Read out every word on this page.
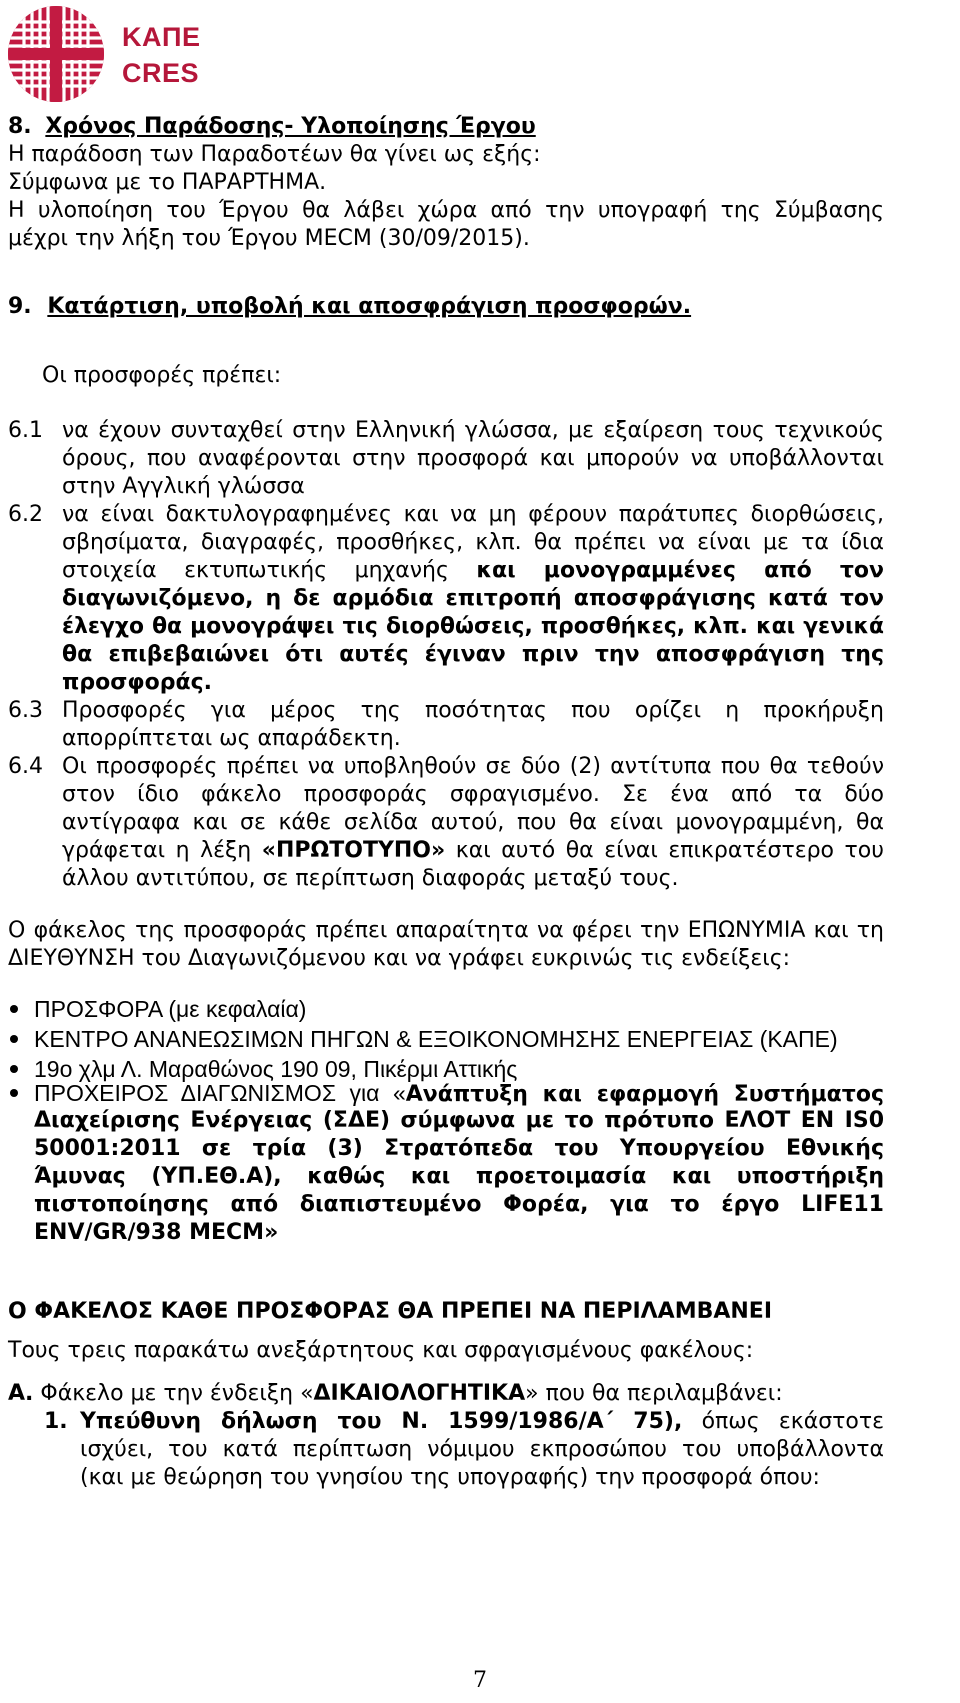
ΚΑΠΕ
CRES
8. Χρόνος Παράδοσης- Υλοποίησης Έργου
Η παράδοση των Παραδοτέων θα γίνει ως εξής:
Σύμφωνα με το ΠΑΡΑΡΤΗΜΑ.
Η υλοποίηση του Έργου θα λάβει χώρα από την υπογραφή της Σύμβασης
μέχρι την λήξη του Έργου MECM (30/09/2015).
9. Κατάρτιση, υποβολή και αποσφράγιση προσφορών.
Οι προσφορές πρέπει:
6.1 να έχουν συνταχθεί στην Ελληνική γλώσσα, με εξαίρεση τους τεχνικούς
όρους, που αναφέρονται στην προσφορά και μπορούν να υποβάλλονται
στην Αγγλική γλώσσα
6.2 να είναι δακτυλογραφημένες και να μη φέρουν παράτυπες διορθώσεις,
σβησίματα, διαγραφές, προσθήκες, κλπ. θα πρέπει να είναι με τα ίδια
στοιχεία εκτυπωτικής μηχανής και μονογραμμένες από τον
διαγωνιζόμενο, η δε αρμόδια επιτροπή αποσφράγισης κατά τον
έλεγχο θα μονογράψει τις διορθώσεις, προσθήκες, κλπ. και γενικά
θα επιβεβαιώνει ότι αυτές έγιναν πριν την αποσφράγιση της
προσφοράς.
6.3 Προσφορές για μέρος της ποσότητας που ορίζει η προκήρυξη
απορρίπτεται ως απαράδεκτη.
6.4 Οι προσφορές πρέπει να υποβληθούν σε δύο (2) αντίτυπα που θα τεθούν
στον ίδιο φάκελο προσφοράς σφραγισμένο. Σε ένα από τα δύο
αντίγραφα και σε κάθε σελίδα αυτού, που θα είναι μονογραμμένη, θα
γράφεται η λέξη «ΠΡΩΤΟΤΥΠΟ» και αυτό θα είναι επικρατέστερο του
άλλου αντιτύπου, σε περίπτωση διαφοράς μεταξύ τους.
Ο φάκελος της προσφοράς πρέπει απαραίτητα να φέρει την ΕΠΩΝΥΜΙΑ και τη
ΔΙΕΥΘΥΝΣΗ του Διαγωνιζόμενου και να γράφει ευκρινώς τις ενδείξεις:
ΠΡΟΣΦΟΡΑ (με κεφαλαία)
ΚΕΝΤΡΟ ΑΝΑΝΕΩΣΙΜΩΝ ΠΗΓΩΝ & ΕΞΟΙΚΟΝΟΜΗΣΗΣ ΕΝΕΡΓΕΙΑΣ (ΚΑΠΕ)
19ο χλμ Λ. Μαραθώνος 190 09, Πικέρμι Αττικής
ΠΡΟΧΕΙΡΟΣ ΔΙΑΓΩΝΙΣΜΟΣ για «Ανάπτυξη και εφαρμογή Συστήματος
Διαχείρισης Ενέργειας (ΣΔΕ) σύμφωνα με το πρότυπο ΕΛΟΤ EN IS0
50001:2011 σε τρία (3) Στρατόπεδα του Υπουργείου Εθνικής
Άμυνας (ΥΠ.ΕΘ.Α), καθώς και προετοιμασία και υποστήριξη
πιστοποίησης από διαπιστευμένο Φορέα, για το έργο LIFE11
ENV/GR/938 MECM»
Ο ΦΑΚΕΛΟΣ ΚΑΘΕ ΠΡΟΣΦΟΡΑΣ ΘΑ ΠΡΕΠΕΙ ΝΑ ΠΕΡΙΛΑΜΒΑΝΕΙ
Τους τρεις παρακάτω ανεξάρτητους και σφραγισμένους φακέλους:
Α. Φάκελο με την ένδειξη «ΔΙΚΑΙΟΛΟΓΗΤΙΚΑ» που θα περιλαμβάνει:
1. Υπεύθυνη δήλωση του Ν. 1599/1986/Α΄ 75), όπως εκάστοτε
ισχύει, του κατά περίπτωση νόμιμου εκπροσώπου του υποβάλλοντα
(και με θεώρηση του γνησίου της υπογραφής) την προσφορά όπου:
7
